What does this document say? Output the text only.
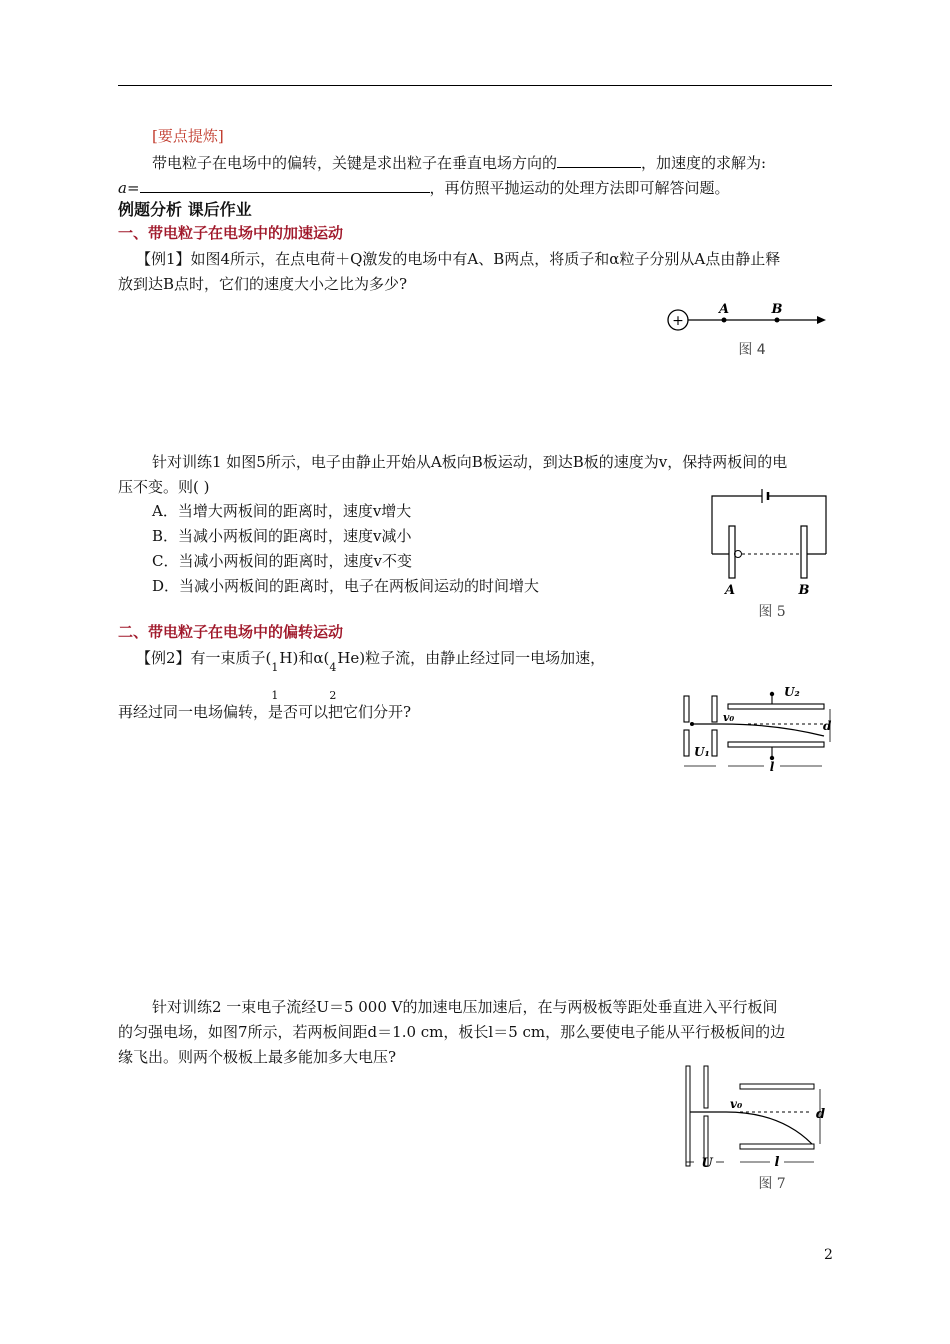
[要点提炼]
带电粒子在电场中的偏转，关键是求出粒子在垂直电场方向的	，加速度的求解为:
a=	，再仿照平抛运动的处理方法即可解答问题。
例题分析 课后作业
一、带电粒子在电场中的加速运动
【例1】如图4所示，在点电荷＋Q激发的电场中有A、B两点，将质子和α粒子分别从A点由静止释
放到达B点时，它们的速度大小之比为多少?
+
A	B
图 4
针对训练1 如图5所示，电子由静止开始从A板向B板运动，到达B板的速度为v，保持两板间的电
压不变。则( )
A．当增大两板间的距离时，速度v增大
B．当减小两板间的距离时，速度v减小
C．当减小两板间的距离时，速度v不变
D．当减小两板间的距离时，电子在两板间运动的时间增大	A	B
图 5
二、带电粒子在电场中的偏转运动
【例2】有一束质子(
1
1
H)和α(
4
2
He)粒子流，由静止经过同一电场加速，
再经过同一电场偏转，是否可以把它们分开?
U₂
v₀
d
U₁
l
针对训练2 一束电子流经U＝5 000 V的加速电压加速后，在与两极板等距处垂直进入平行板间
的匀强电场，如图7所示，若两板间距d＝1.0 cm，板长l＝5 cm，那么要使电子能从平行极板间的边
缘飞出。则两个极板上最多能加多大电压?
v₀
d
U	l
图 7
2
